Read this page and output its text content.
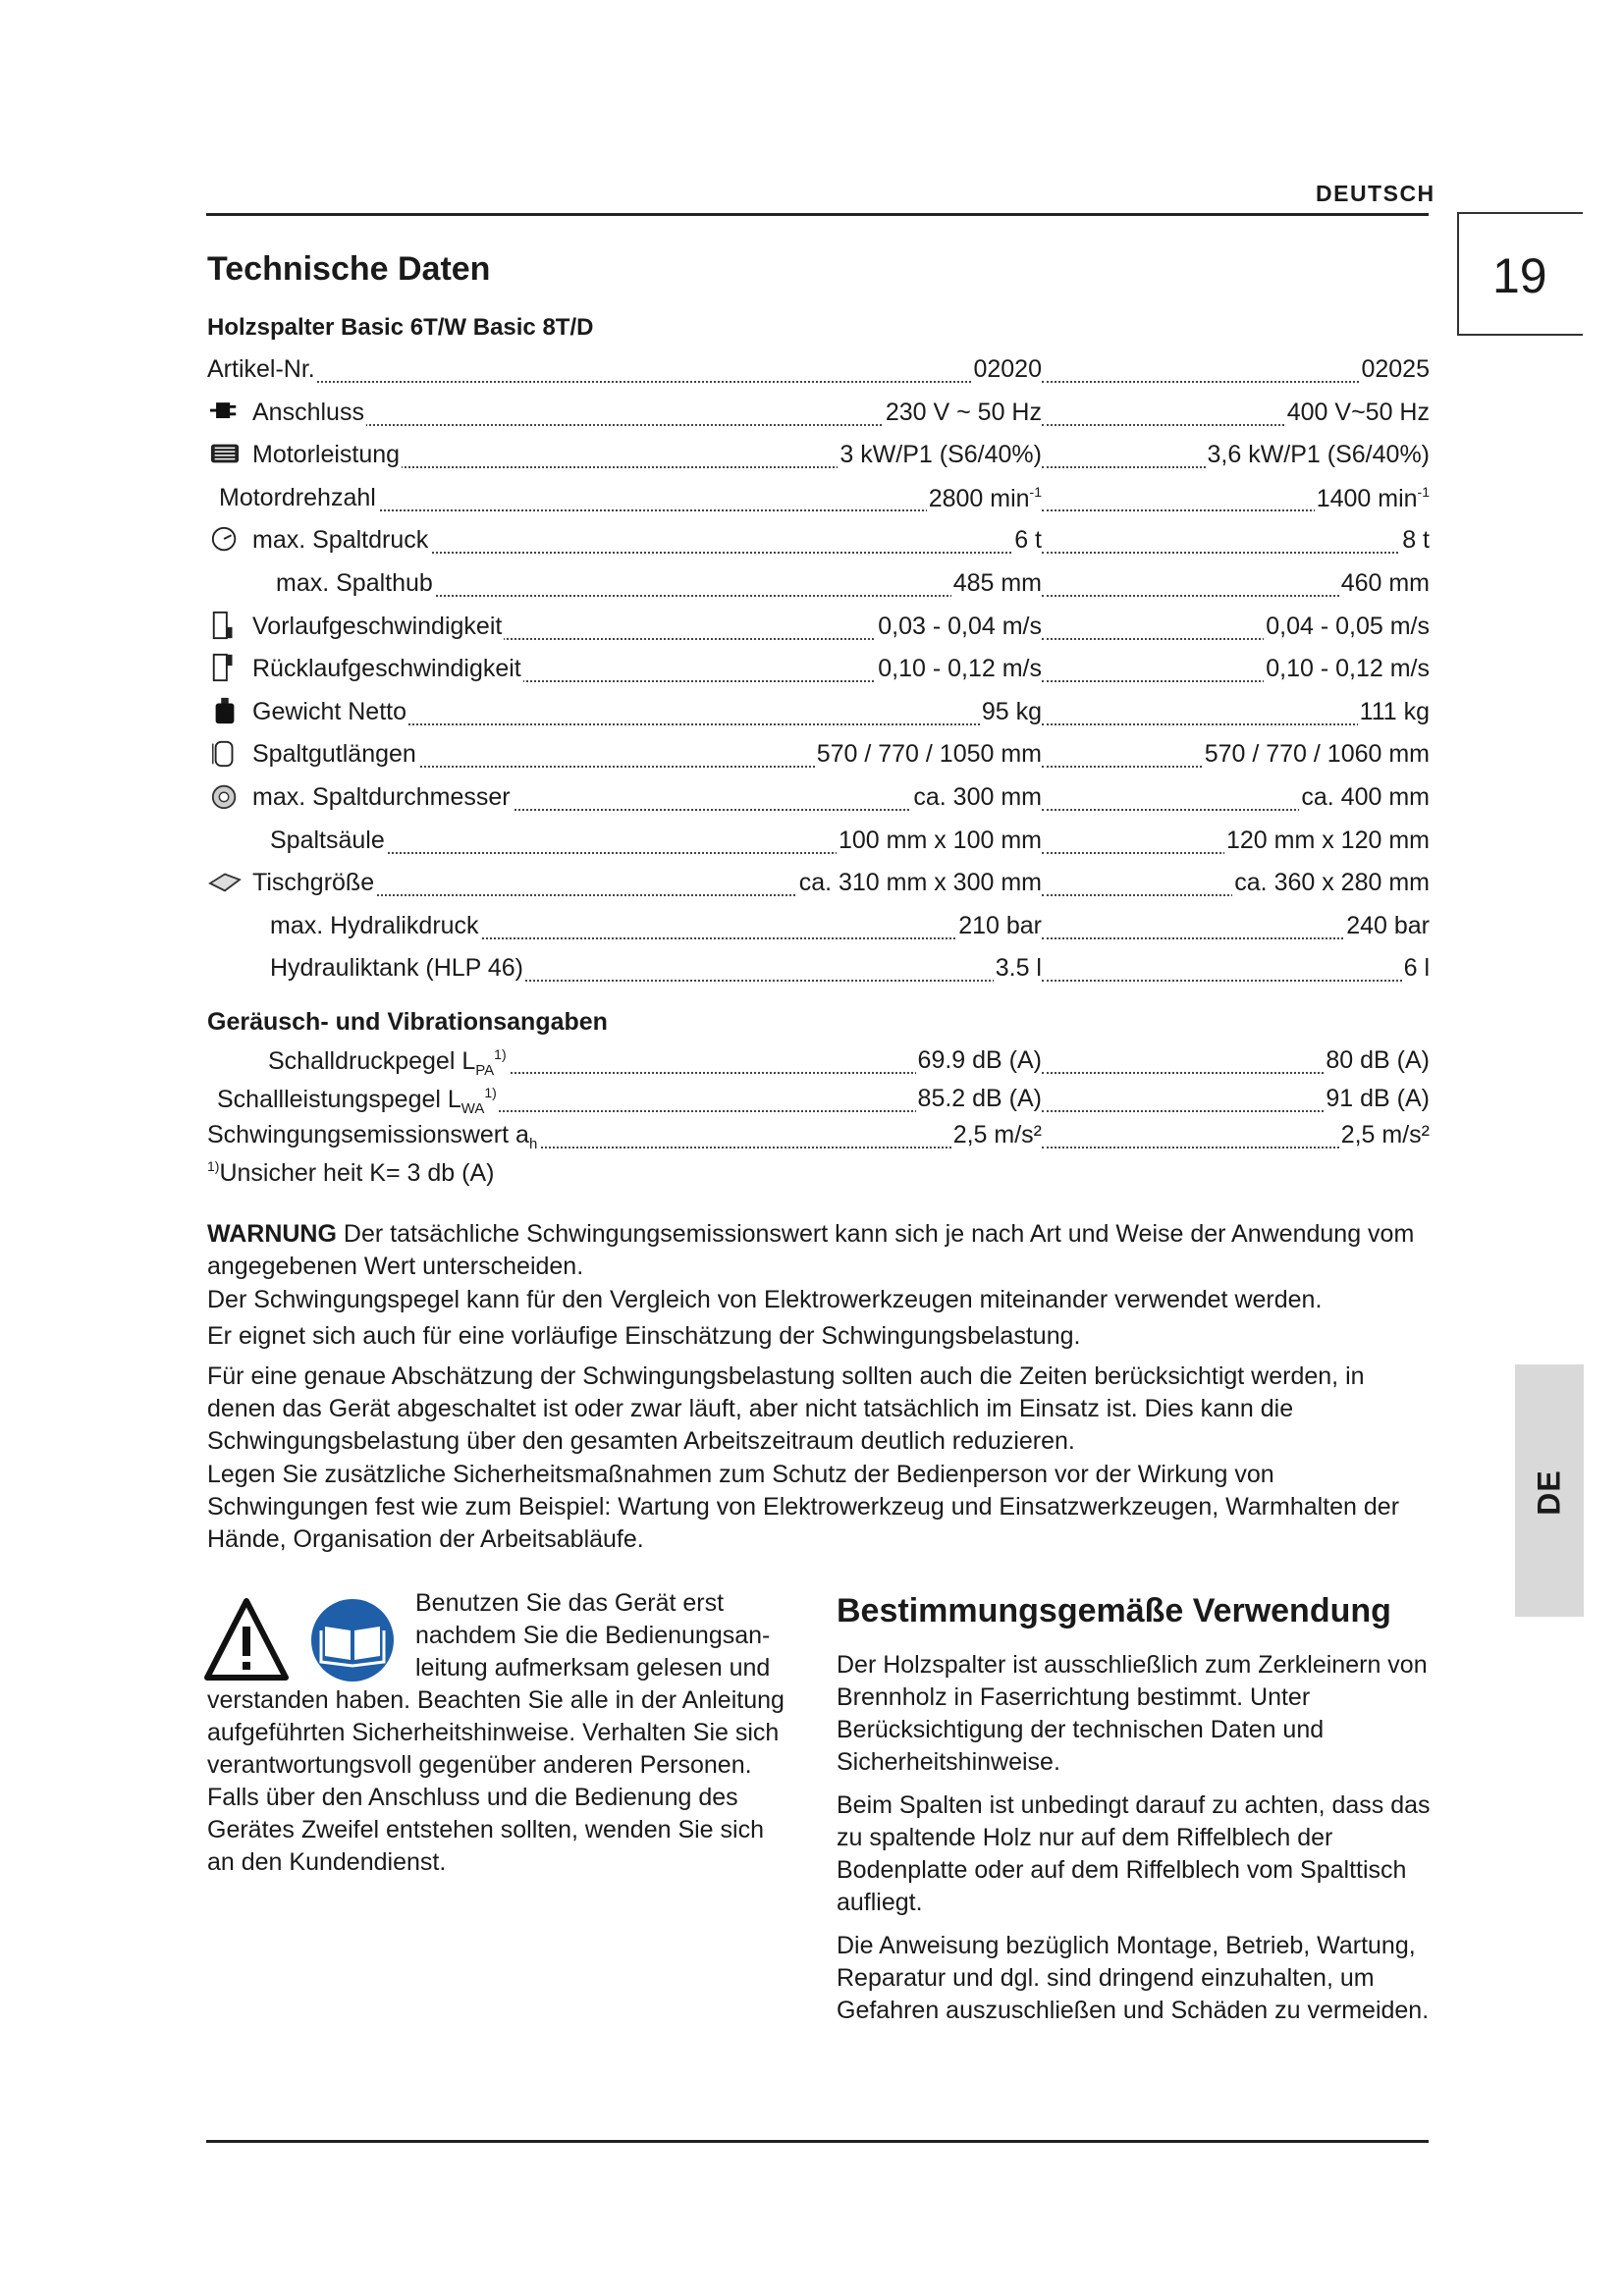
DEUTSCH
19
DE
Technische Daten
Holzspalter Basic 6T/W Basic 8T/D
Artikel-Nr.	02020	02025
Anschluss	230 V ~ 50 Hz	400 V~50 Hz
Motorleistung	3 kW/P1 (S6/40%)	3,6 kW/P1 (S6/40%)
Motordrehzahl	2800 $\min^{-1}$	1400 $\min^{-1}$
max. Spaltdruck	6 t	8 t
max. Spalthub	485 mm	460 mm
Vorlaufgeschwindigkeit	0,03 - 0,04 m/s	0,04 - 0,05 m/s
Rücklaufgeschwindigkeit	0,10 - 0,12 m/s	0,10 - 0,12 m/s
Gewicht Netto	95 kg	111 kg
Spaltgutlängen	570 / 770 / 1050 mm	570 / 770 / 1060 mm
max. Spaltdurchmesser	ca. 300 mm	ca. 400 mm
Spaltsäule	100 mm x 100 mm	120 mm x 120 mm
Tischgröße	ca. 310 mm x 300 mm	ca. 360 x 280 mm
max. Hydralikdruck	210 bar	240 bar
Hydrauliktank (HLP 46)	3.5 l	6 l
Geräusch- und Vibrationsangaben
Schalldruckpegel $L_{PA}^{1)}$	69.9 dB (A)	80 dB (A)
Schallleistungspegel $L_{WA}^{1)}$	85.2 dB (A)	91 dB (A)
Schwingungsemissionswert $a_h$	2,5 m/s²	2,5 m/s²
$^{1)}$Unsicher heit K= 3 db (A)
WARNUNG Der tatsächliche Schwingungsemissionswert kann sich je nach Art und Weise der Anwendung vom angegebenen Wert unterscheiden.
Der Schwingungspegel kann für den Vergleich von Elektrowerkzeugen miteinander verwendet werden.
Er eignet sich auch für eine vorläufige Einschätzung der Schwingungsbelastung.
Für eine genaue Abschätzung der Schwingungsbelastung sollten auch die Zeiten berücksichtigt werden, in denen das Gerät abgeschaltet ist oder zwar läuft, aber nicht tatsächlich im Einsatz ist. Dies kann die Schwingungsbelastung über den gesamten Arbeitszeitraum deutlich reduzieren.
Legen Sie zusätzliche Sicherheitsmaßnahmen zum Schutz der Bedienperson vor der Wirkung von Schwingungen fest wie zum Beispiel: Wartung von Elektrowerkzeug und Einsatzwerkzeugen, Warmhalten der Hände, Organisation der Arbeitsabläufe.
Benutzen Sie das Gerät erst
nachdem Sie die Bedienungsan-
leitung aufmerksam gelesen und
verstanden haben. Beachten Sie alle in der Anleitung aufgeführten Sicherheitshinweise. Verhalten Sie sich verantwortungsvoll gegenüber anderen Personen. Falls über den Anschluss und die Bedienung des Gerätes Zweifel entstehen sollten, wenden Sie sich an den Kundendienst.
Bestimmungsgemäße Verwendung

Der Holzspalter ist ausschließlich zum Zerkleinern von Brennholz in Faserrichtung bestimmt. Unter Berücksichtigung der technischen Daten und Sicherheitshinweise.

Beim Spalten ist unbedingt darauf zu achten, dass das zu spaltende Holz nur auf dem Riffelblech der Bodenplatte oder auf dem Riffelblech vom Spalttisch aufliegt.

Die Anweisung bezüglich Montage, Betrieb, Wartung, Reparatur und dgl. sind dringend einzuhalten, um Gefahren auszuschließen und Schäden zu vermeiden.
